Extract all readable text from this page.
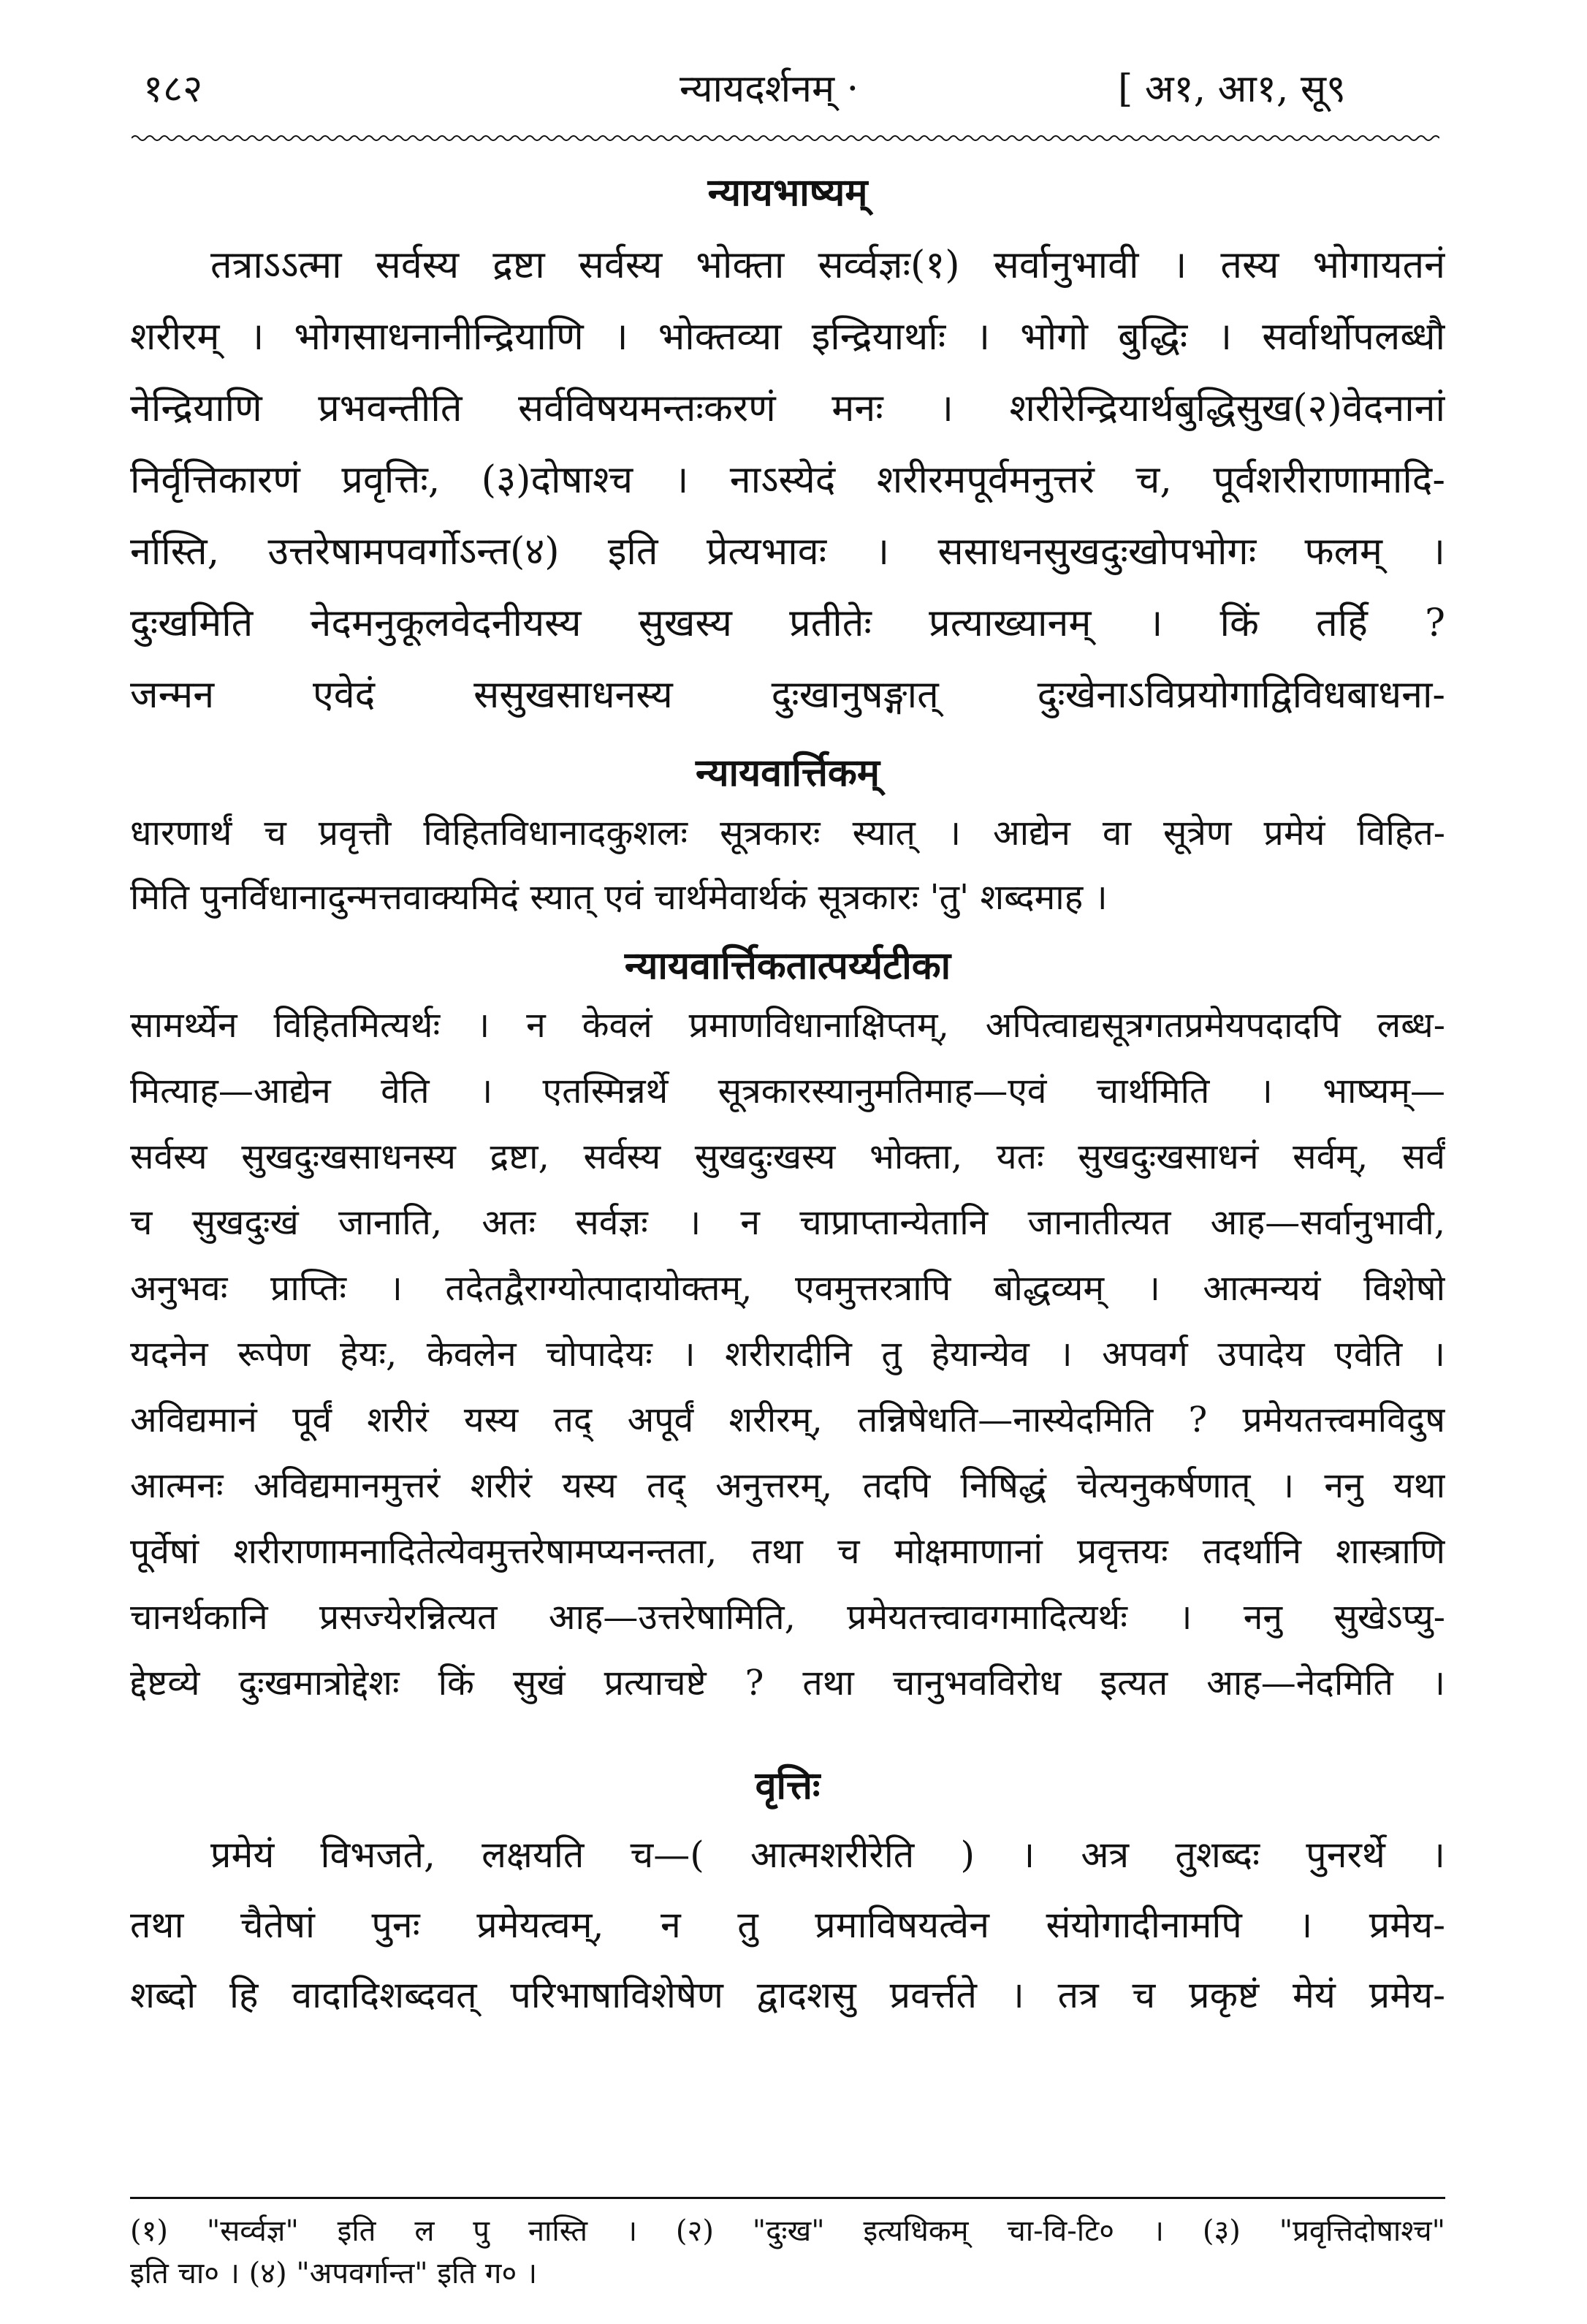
१८२	न्यायदर्शनम् ·	[ अ१, आ१, सू९
न्यायभाष्यम्
तत्राऽऽत्मा सर्वस्य द्रष्टा सर्वस्य भोक्ता सर्व्वज्ञः(१) सर्वानुभावी । तस्य भोगायतनं
शरीरम् । भोगसाधनानीन्द्रियाणि । भोक्तव्या इन्द्रियार्थाः । भोगो बुद्धिः । सर्वार्थोपलब्धौ
नेन्द्रियाणि प्रभवन्तीति सर्वविषयमन्तःकरणं मनः । शरीरेन्द्रियार्थबुद्धिसुख(२)वेदनानां
निर्वृत्तिकारणं प्रवृत्तिः, (३)दोषाश्च । नाऽस्येदं शरीरमपूर्वमनुत्तरं च, पूर्वशरीराणामादि-
र्नास्ति, उत्तरेषामपवर्गोऽन्त(४) इति प्रेत्यभावः । ससाधनसुखदुःखोपभोगः फलम् ।
दुःखमिति नेदमनुकूलवेदनीयस्य सुखस्य प्रतीतेः प्रत्याख्यानम् । किं तर्हि ?
जन्मन एवेदं ससुखसाधनस्य दुःखानुषङ्गात् दुःखेनाऽविप्रयोगाद्विविधबाधना-
न्यायवार्त्तिकम्
धारणार्थं च प्रवृत्तौ विहितविधानादकुशलः सूत्रकारः स्यात् । आद्येन वा सूत्रेण प्रमेयं विहित-
मिति पुनर्विधानादुन्मत्तवाक्यमिदं स्यात् एवं चार्थमेवार्थकं सूत्रकारः 'तु' शब्दमाह ।
न्यायवार्त्तिकतात्पर्य्यटीका
सामर्थ्येन विहितमित्यर्थः । न केवलं प्रमाणविधानाक्षिप्तम्, अपित्वाद्यसूत्रगतप्रमेयपदादपि लब्ध-
मित्याह—आद्येन वेति । एतस्मिन्नर्थे सूत्रकारस्यानुमतिमाह—एवं चार्थमिति । भाष्यम्—
सर्वस्य सुखदुःखसाधनस्य द्रष्टा, सर्वस्य सुखदुःखस्य भोक्ता, यतः सुखदुःखसाधनं सर्वम्, सर्वं
च सुखदुःखं जानाति, अतः सर्वज्ञः । न चाप्राप्तान्येतानि जानातीत्यत आह—सर्वानुभावी,
अनुभवः प्राप्तिः । तदेतद्वैराग्योत्पादायोक्तम्, एवमुत्तरत्रापि बोद्धव्यम् । आत्मन्ययं विशेषो
यदनेन रूपेण हेयः, केवलेन चोपादेयः । शरीरादीनि तु हेयान्येव । अपवर्ग उपादेय एवेति ।
अविद्यमानं पूर्वं शरीरं यस्य तद् अपूर्वं शरीरम्, तन्निषेधति—नास्येदमिति ? प्रमेयतत्त्वमविदुष
आत्मनः अविद्यमानमुत्तरं शरीरं यस्य तद् अनुत्तरम्, तदपि निषिद्धं चेत्यनुकर्षणात् । ननु यथा
पूर्वेषां शरीराणामनादितेत्येवमुत्तरेषामप्यनन्तता, तथा च मोक्षमाणानां प्रवृत्तयः तदर्थानि शास्त्राणि
चानर्थकानि प्रसज्येरन्नित्यत आह—उत्तरेषामिति, प्रमेयतत्त्वावगमादित्यर्थः । ननु सुखेऽप्यु-
द्देष्टव्ये दुःखमात्रोद्देशः किं सुखं प्रत्याचष्टे ? तथा चानुभवविरोध इत्यत आह—नेदमिति ।
वृत्तिः
प्रमेयं विभजते, लक्षयति च—( आत्मशरीरेति ) । अत्र तुशब्दः पुनरर्थे ।
तथा चैतेषां पुनः प्रमेयत्वम्, न तु प्रमाविषयत्वेन संयोगादीनामपि । प्रमेय-
शब्दो हि वादादिशब्दवत् परिभाषाविशेषेण द्वादशसु प्रवर्त्तते । तत्र च प्रकृष्टं मेयं प्रमेय-
(१) "सर्व्वज्ञ" इति ल पु नास्ति । (२) "दुःख" इत्यधिकम् चा-वि-टि० । (३) "प्रवृत्तिदोषाश्च"
इति चा० । (४) "अपवर्गान्त" इति ग० ।
